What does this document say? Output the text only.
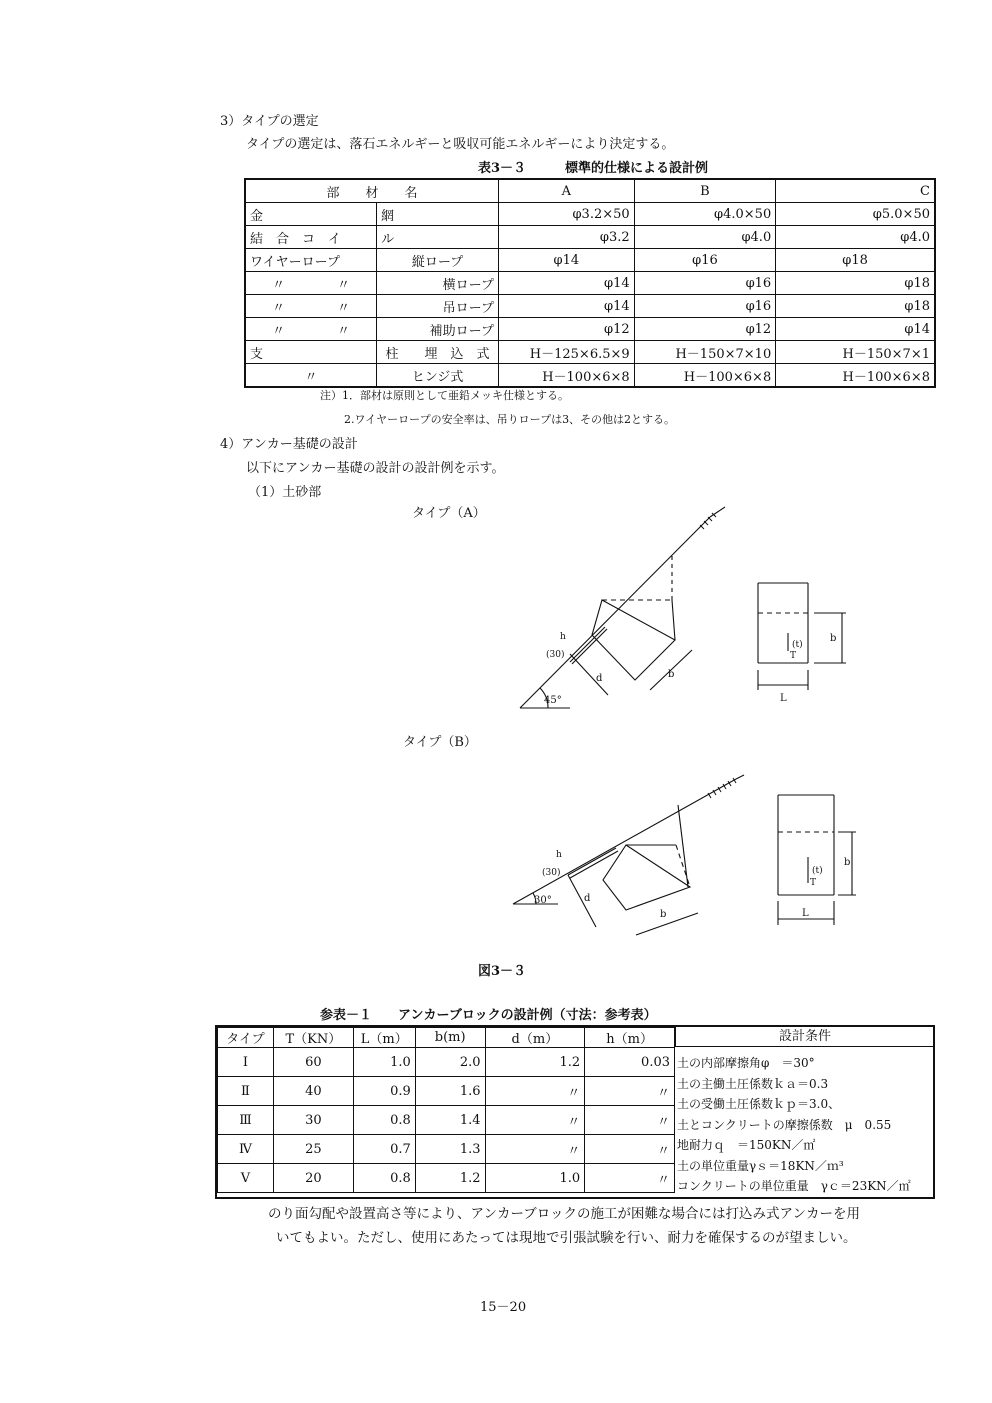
3）タイプの選定
タイプの選定は、落石エネルギーと吸収可能エネルギーにより決定する。
表3－３　　　標準的仕様による設計例
部　　材　　名		A	B	C
金	網	φ3.2×50	φ4.0×50	φ5.0×50
結　合　コ　イ	ル	φ3.2	φ4.0	φ4.0
ワイヤーロープ	縦ロープ	φ14	φ16	φ18
〃　　　　〃	横ロープ	φ14	φ16	φ18
〃　　　　〃	吊ロープ	φ14	φ16	φ18
〃　　　　〃	補助ロープ	φ12	φ12	φ14
支	柱　　埋　込　式	H－125×6.5×9	H－150×7×10	H－150×7×1
〃	ヒンジ式	H－100×6×8	H－100×6×8	H－100×6×8
注）1．部材は原則として亜鉛メッキ仕様とする。
2.ワイヤーロープの安全率は、吊りロープは3、その他は2とする。
4）アンカー基礎の設計
以下にアンカー基礎の設計の設計例を示す。
（1）土砂部
タイプ（A）
45°
h
(30)
d	b
L
b
(t)
T
タイプ（B）
30°
h
(30)
d
b	L
b
(t)
T
図3－３
参表－１　　アンカーブロックの設計例（寸法：参考表）
タイプ	T（KN）	L（m）	b(m)	d（m）	h（m）
Ⅰ	60	1.0	2.0	1.2	0.03
Ⅱ	40	0.9	1.6	〃	〃
Ⅲ	30	0.8	1.4	〃	〃
Ⅳ	25	0.7	1.3	〃	〃
Ⅴ	20	0.8	1.2	1.0	〃
設計条件
土の内部摩擦角φ　＝30°
土の主働土圧係数ｋａ＝0.3
土の受働土圧係数ｋｐ＝3.0、
土とコンクリートの摩擦係数　μ　0.55
地耐力ｑ　＝150KN／㎡
土の単位重量γｓ＝18KN／ｍ³
コンクリートの単位重量　γｃ＝23KN／㎡
のり面勾配や設置高さ等により、アンカーブロックの施工が困難な場合には打込み式アンカーを用
いてもよい。ただし、使用にあたっては現地で引張試験を行い、耐力を確保するのが望ましい。
15－20
